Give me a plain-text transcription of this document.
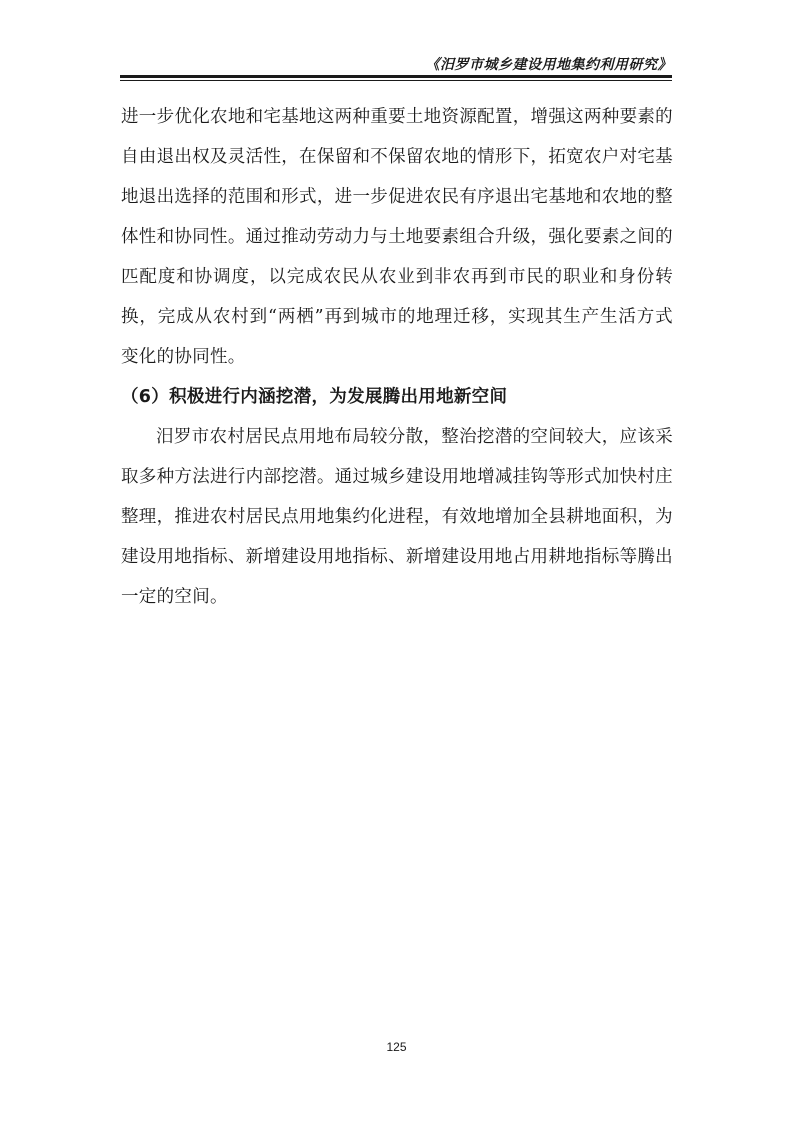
《汨罗市城乡建设用地集约利用研究》

进一步优化农地和宅基地这两种重要土地资源配置，增强这两种要素的自由退出权及灵活性，在保留和不保留农地的情形下，拓宽农户对宅基地退出选择的范围和形式，进一步促进农民有序退出宅基地和农地的整体性和协同性。通过推动劳动力与土地要素组合升级，强化要素之间的匹配度和协调度，以完成农民从农业到非农再到市民的职业和身份转换，完成从农村到“两栖”再到城市的地理迁移，实现其生产生活方式变化的协同性。

（6）积极进行内涵挖潜，为发展腾出用地新空间

汨罗市农村居民点用地布局较分散，整治挖潜的空间较大，应该采取多种方法进行内部挖潜。通过城乡建设用地增减挂钩等形式加快村庄整理，推进农村居民点用地集约化进程，有效地增加全县耕地面积，为建设用地指标、新增建设用地指标、新增建设用地占用耕地指标等腾出一定的空间。

125
